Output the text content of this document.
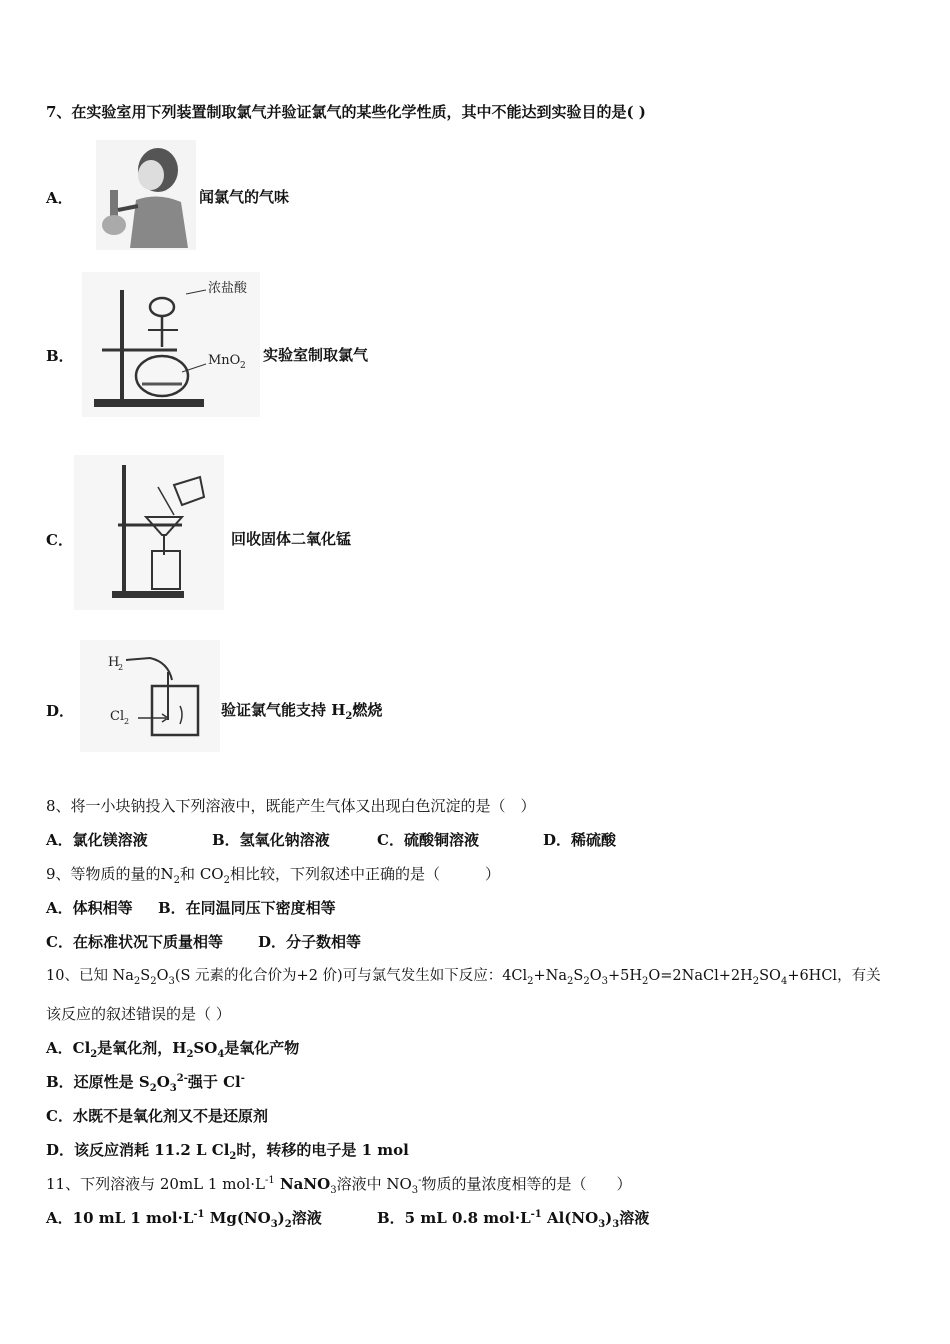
7、在实验室用下列装置制取氯气并验证氯气的某些化学性质，其中不能达到实验目的是( )
A．	闻氯气的气味
B．
浓盐酸
MnO 2
实验室制取氯气
C．	回收固体二氧化锰
D．
H
2
Cl 2
验证氯气能支持 $H_2$燃烧
8、将一小块钠投入下列溶液中，既能产生气体又出现白色沉淀的是（　）
A．氯化镁溶液	B．氢氧化钠溶液	C．硫酸铜溶液	D．稀硫酸
9、等物质的量的$N_2$和 $CO_2$相比较，下列叙述中正确的是（　　　）
A．体积相等 B．在同温同压下密度相等
C．在标准状况下质量相等 D．分子数相等
10、已知 $Na_2S_2O_3(S$ 元素的化合价为+2 价)可与氯气发生如下反应：$4Cl_2+Na_2S_2O_3+5H_2O=2NaCl+2H_2SO_4+6HCl$，有关
该反应的叙述错误的是（ ）
A．$Cl_2$是氧化剂，$H_2SO_4$是氧化产物
B．还原性是 $S_2O_3^{2-}$强于 Cl-
C．水既不是氧化剂又不是还原剂
D．该反应消耗 11.2 L $Cl_2$时，转移的电子是 1 mol
11、下列溶液与 20mL 1 $mol\cdot L^{-1}$ NaNO$_3$溶液中 $NO_3^-$物质的量浓度相等的是（　　）
A．10 mL 1 $mol\cdot L^{-1}$ $Mg(NO_3)_2$溶液	B．5 mL 0.8 $mol\cdot L^{-1}$ $Al(NO_3)_3$溶液
